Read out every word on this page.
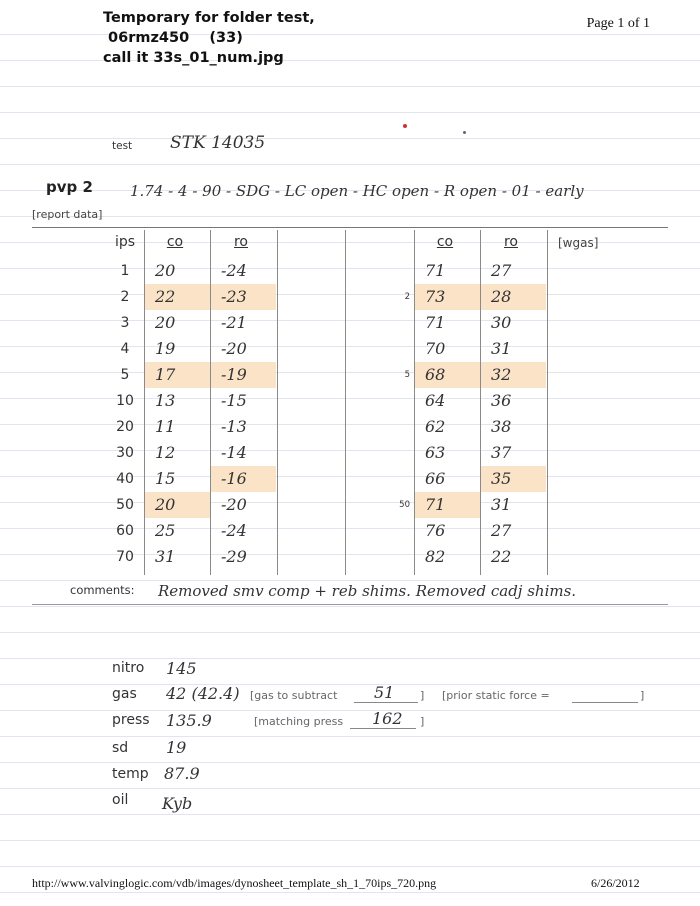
Temporary for folder test,
06rmz450    (33)
call it 33s_01_num.jpg
Page 1 of 1
test STK 14035
pvp 2
[report data]
1.74 - 4 - 90 - SDG - LC open - HC open - R open - 01 - early
ips	co	ro	co	ro	[wgas]
1	20	-24	71	27
2	22	-23	2 73	28
3	20	-21	71	30
4	19	-20	70	31
5	17	-19	5 68	32
10	13	-15	64	36
20	11	-13	62	38
30	12	-14	63	37
40	15	-16	66	35
50	20	-20	50 71	31
60	25	-24	76	27
70	31	-29	82	22
comments: Removed smv comp + reb shims. Removed cadj shims.
nitro 145
gas 42 (42.4) [gas to subtract 51 ] [prior static force =	]
press 135.9	[matching press 162 ]
sd 19
temp 87.9
oil Kyb
http://www.valvinglogic.com/vdb/images/dynosheet_template_sh_1_70ips_720.png	6/26/2012
